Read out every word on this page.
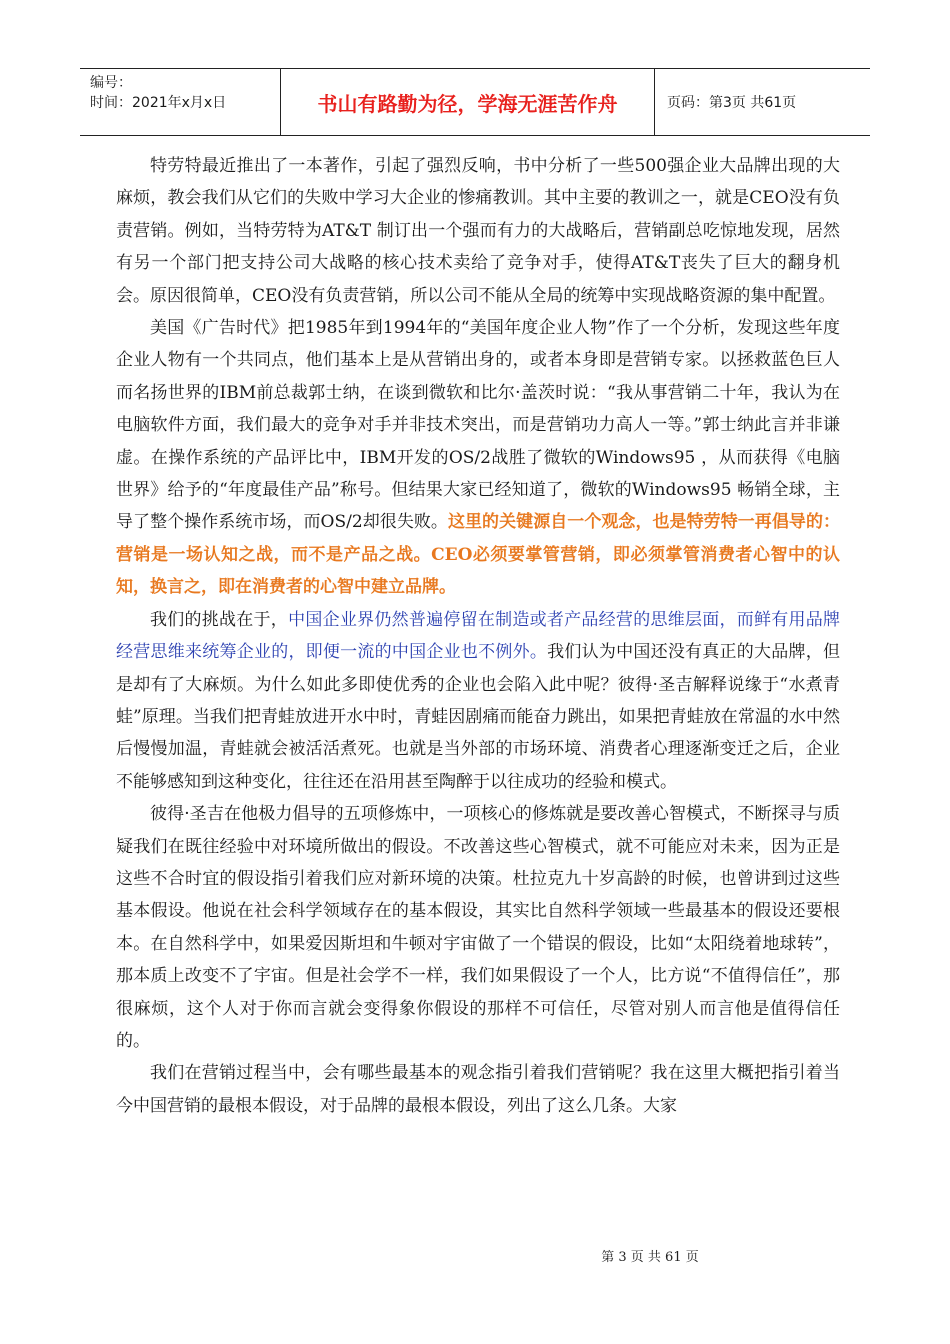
编号：
时间：2021年x月x日	书山有路勤为径，学海无涯苦作舟	页码：第3页 共61页

特劳特最近推出了一本著作，引起了强烈反响，书中分析了一些500强企业大品牌出现的大麻烦，教会我们从它们的失败中学习大企业的惨痛教训。其中主要的教训之一，就是CEO没有负责营销。例如，当特劳特为AT&T 制订出一个强而有力的大战略后，营销副总吃惊地发现，居然有另一个部门把支持公司大战略的核心技术卖给了竞争对手，使得AT&T丧失了巨大的翻身机会。原因很简单，CEO没有负责营销，所以公司不能从全局的统筹中实现战略资源的集中配置。

美国《广告时代》把1985年到1994年的“美国年度企业人物”作了一个分析，发现这些年度企业人物有一个共同点，他们基本上是从营销出身的，或者本身即是营销专家。以拯救蓝色巨人而名扬世界的IBM前总裁郭士纳，在谈到微软和比尔·盖茨时说：“我从事营销二十年，我认为在电脑软件方面，我们最大的竞争对手并非技术突出，而是营销功力高人一等。”郭士纳此言并非谦虚。在操作系统的产品评比中，IBM开发的OS/2战胜了微软的Windows95 ，从而获得《电脑世界》给予的“年度最佳产品”称号。但结果大家已经知道了，微软的Windows95 畅销全球，主导了整个操作系统市场，而OS/2却很失败。这里的关键源自一个观念，也是特劳特一再倡导的：营销是一场认知之战，而不是产品之战。CEO必须要掌管营销，即必须掌管消费者心智中的认知，换言之，即在消费者的心智中建立品牌。

我们的挑战在于，中国企业界仍然普遍停留在制造或者产品经营的思维层面，而鲜有用品牌经营思维来统筹企业的，即便一流的中国企业也不例外。我们认为中国还没有真正的大品牌，但是却有了大麻烦。为什么如此多即使优秀的企业也会陷入此中呢？彼得·圣吉解释说缘于“水煮青蛙”原理。当我们把青蛙放进开水中时，青蛙因剧痛而能奋力跳出，如果把青蛙放在常温的水中然后慢慢加温，青蛙就会被活活煮死。也就是当外部的市场环境、消费者心理逐渐变迁之后，企业不能够感知到这种变化，往往还在沿用甚至陶醉于以往成功的经验和模式。

彼得·圣吉在他极力倡导的五项修炼中，一项核心的修炼就是要改善心智模式，不断探寻与质疑我们在既往经验中对环境所做出的假设。不改善这些心智模式，就不可能应对未来，因为正是这些不合时宜的假设指引着我们应对新环境的决策。杜拉克九十岁高龄的时候，也曾讲到过这些基本假设。他说在社会科学领域存在的基本假设，其实比自然科学领域一些最基本的假设还要根本。在自然科学中，如果爱因斯坦和牛顿对宇宙做了一个错误的假设，比如“太阳绕着地球转”，那本质上改变不了宇宙。但是社会学不一样，我们如果假设了一个人，比方说“不值得信任”，那很麻烦，这个人对于你而言就会变得象你假设的那样不可信任，尽管对别人而言他是值得信任的。

我们在营销过程当中，会有哪些最基本的观念指引着我们营销呢？我在这里大概把指引着当今中国营销的最根本假设，对于品牌的最根本假设，列出了这么几条。大家

第 3 页 共 61 页
